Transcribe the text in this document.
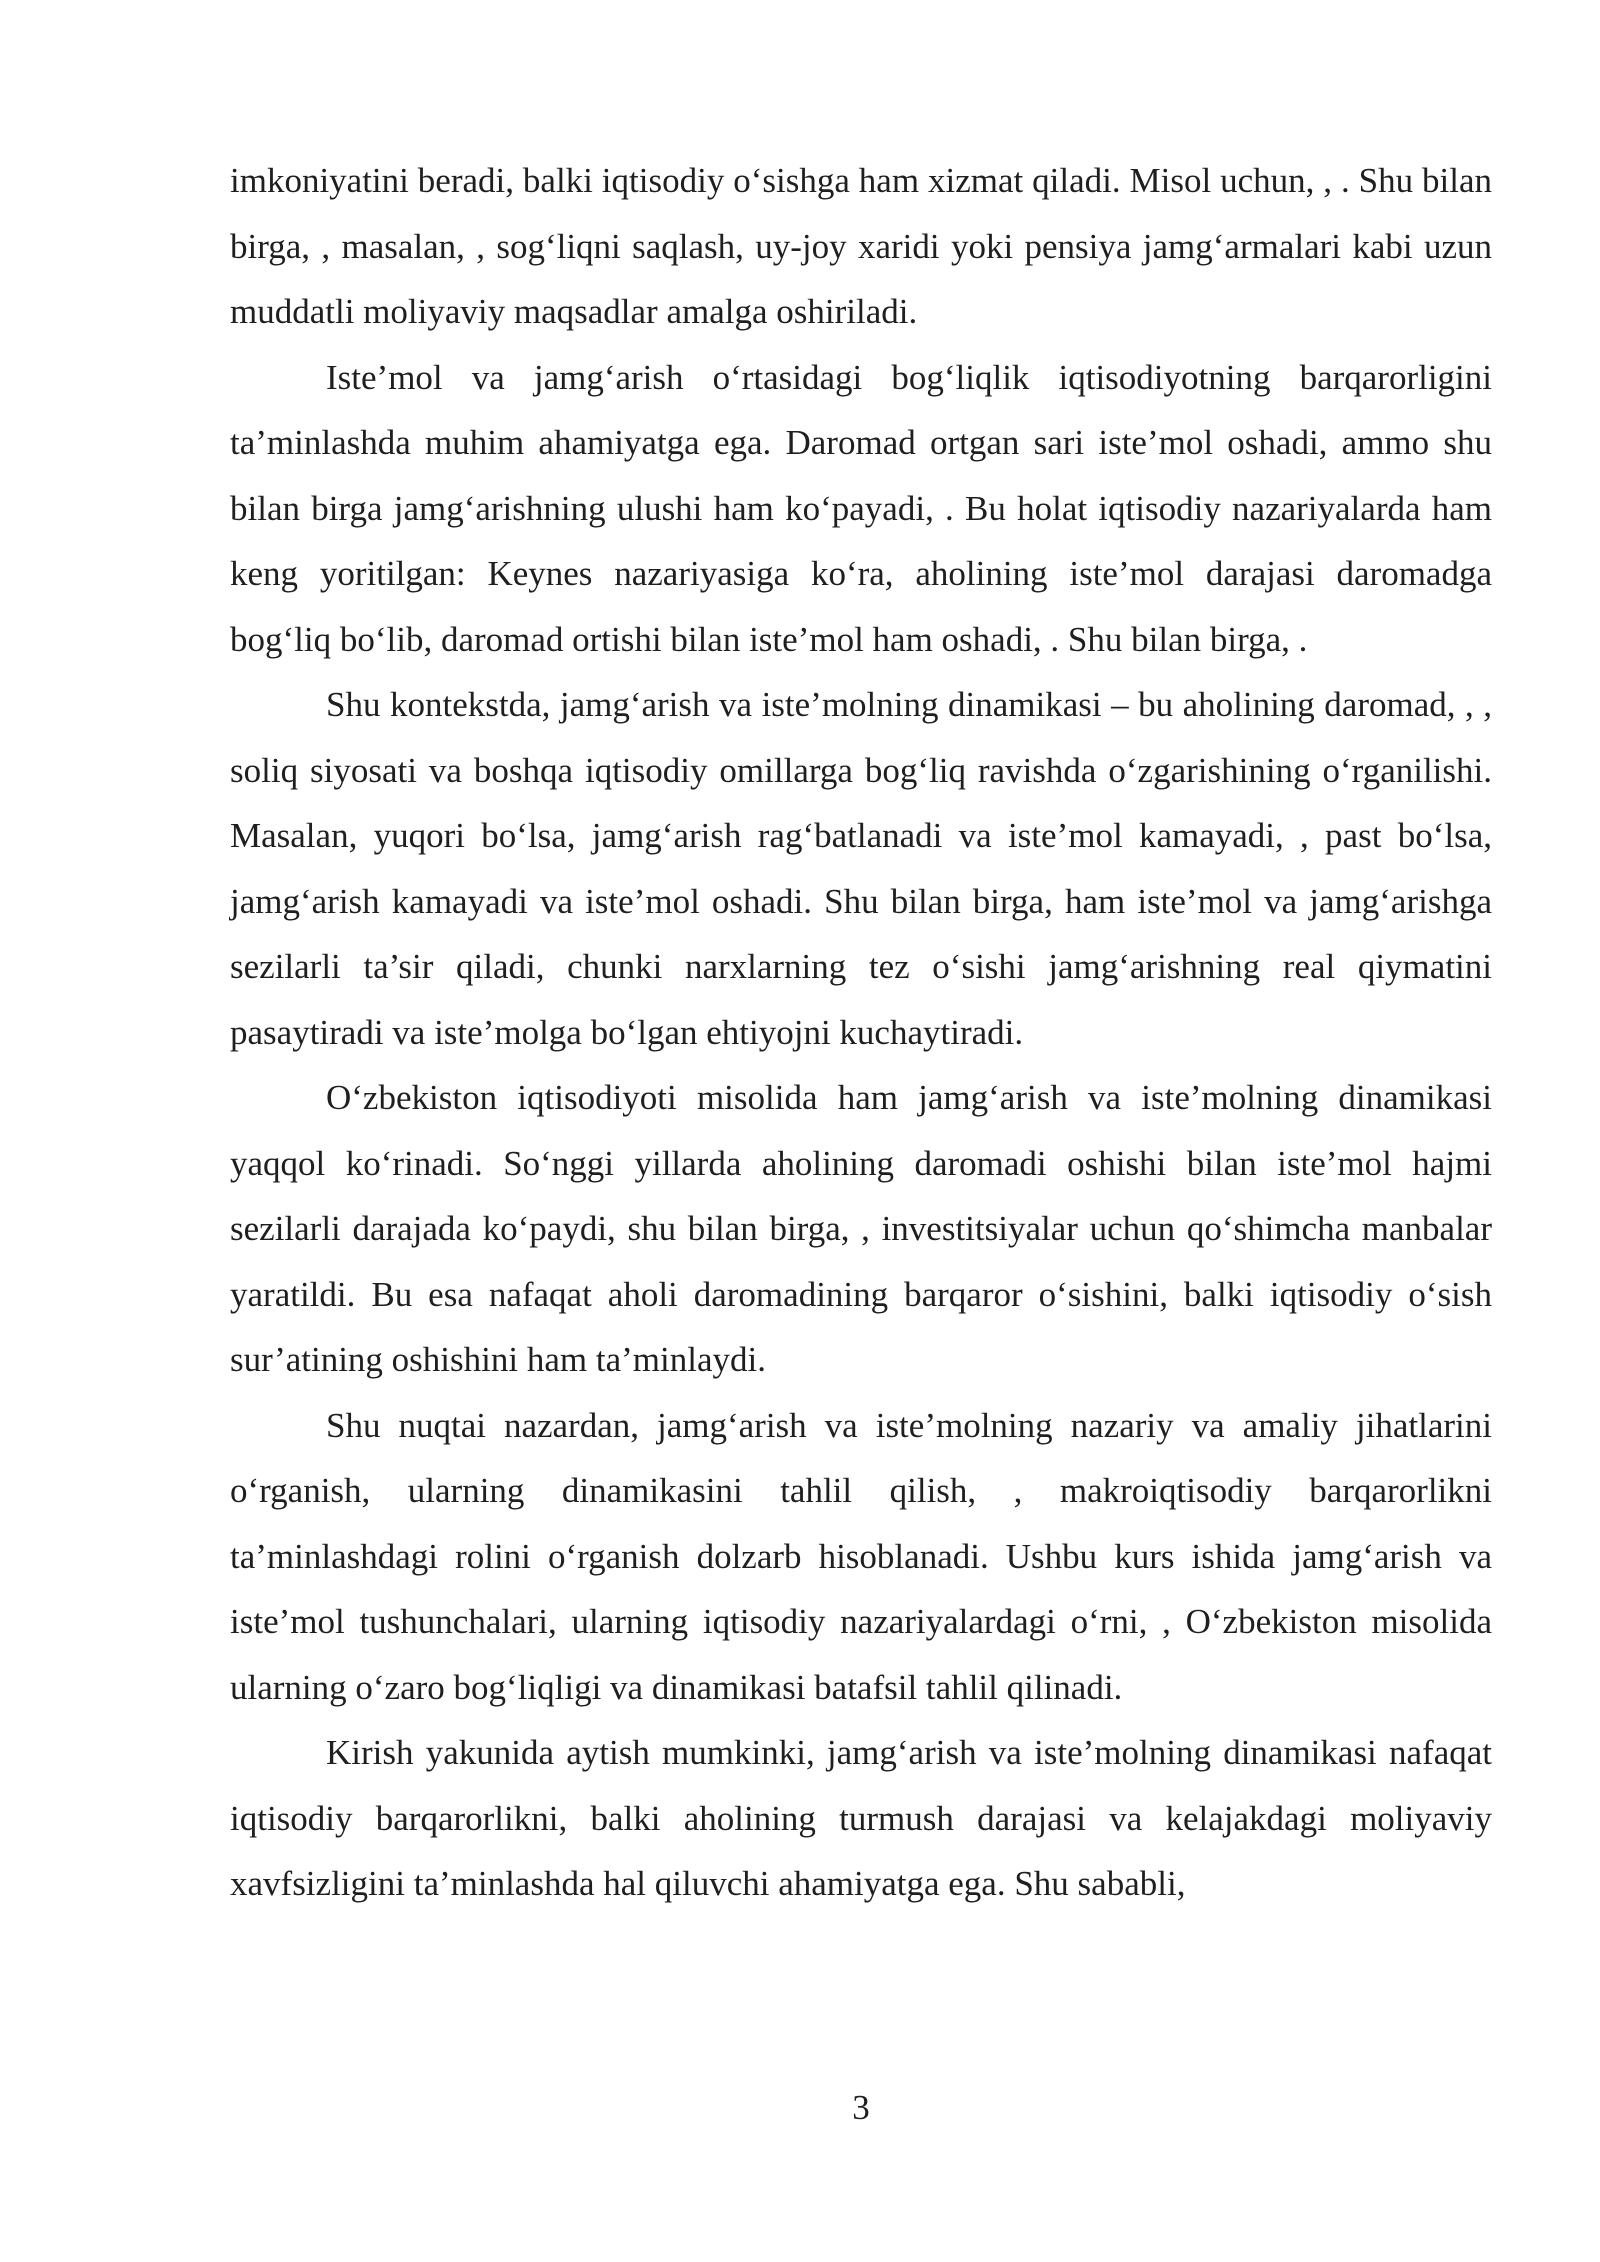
imkoniyatini beradi, balki iqtisodiy o‘sishga ham xizmat qiladi. Misol uchun, , . Shu bilan birga, , masalan, , sog‘liqni saqlash, uy-joy xaridi yoki pensiya jamg‘armalari kabi uzun muddatli moliyaviy maqsadlar amalga oshiriladi.

Iste’mol va jamg‘arish o‘rtasidagi bog‘liqlik iqtisodiyotning barqarorligini ta’minlashda muhim ahamiyatga ega. Daromad ortgan sari iste’mol oshadi, ammo shu bilan birga jamg‘arishning ulushi ham ko‘payadi, . Bu holat iqtisodiy nazariyalarda ham keng yoritilgan: Keynes nazariyasiga ko‘ra, aholining iste’mol darajasi daromadga bog‘liq bo‘lib, daromad ortishi bilan iste’mol ham oshadi, . Shu bilan birga, .

Shu kontekstda, jamg‘arish va iste’molning dinamikasi – bu aholining daromad, , , soliq siyosati va boshqa iqtisodiy omillarga bog‘liq ravishda o‘zgarishining o‘rganilishi. Masalan, yuqori bo‘lsa, jamg‘arish rag‘batlanadi va iste’mol kamayadi, , past bo‘lsa, jamg‘arish kamayadi va iste’mol oshadi. Shu bilan birga, ham iste’mol va jamg‘arishga sezilarli ta’sir qiladi, chunki narxlarning tez o‘sishi jamg‘arishning real qiymatini pasaytiradi va iste’molga bo‘lgan ehtiyojni kuchaytiradi.

O‘zbekiston iqtisodiyoti misolida ham jamg‘arish va iste’molning dinamikasi yaqqol ko‘rinadi. So‘nggi yillarda aholining daromadi oshishi bilan iste’mol hajmi sezilarli darajada ko‘paydi, shu bilan birga, , investitsiyalar uchun qo‘shimcha manbalar yaratildi. Bu esa nafaqat aholi daromadining barqaror o‘sishini, balki iqtisodiy o‘sish sur’atining oshishini ham ta’minlaydi.

Shu nuqtai nazardan, jamg‘arish va iste’molning nazariy va amaliy jihatlarini o‘rganish, ularning dinamikasini tahlil qilish, , makroiqtisodiy barqarorlikni ta’minlashdagi rolini o‘rganish dolzarb hisoblanadi. Ushbu kurs ishida jamg‘arish va iste’mol tushunchalari, ularning iqtisodiy nazariyalardagi o‘rni, , O‘zbekiston misolida ularning o‘zaro bog‘liqligi va dinamikasi batafsil tahlil qilinadi.

Kirish yakunida aytish mumkinki, jamg‘arish va iste’molning dinamikasi nafaqat iqtisodiy barqarorlikni, balki aholining turmush darajasi va kelajakdagi moliyaviy xavfsizligini ta’minlashda hal qiluvchi ahamiyatga ega. Shu sababli,

3
